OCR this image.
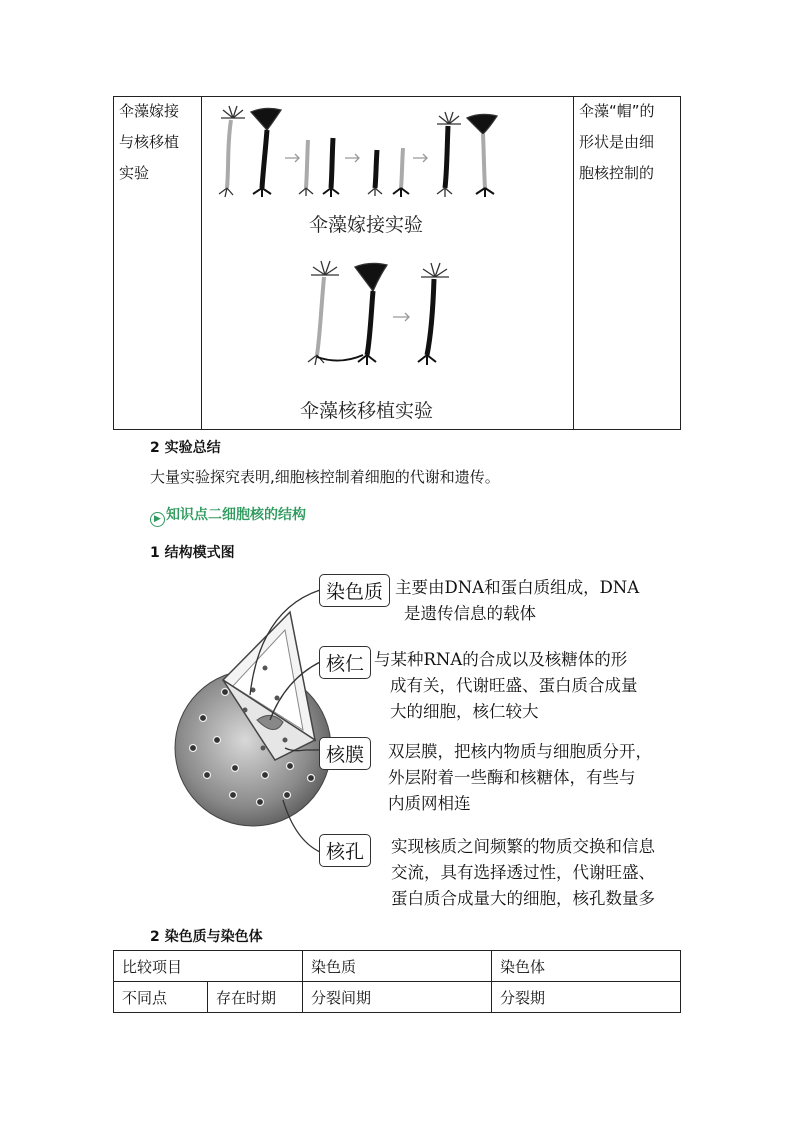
伞藻嫁接
与核移植
实验
伞藻“帽”的
形状是由细
胞核控制的
伞藻嫁接实验
伞藻核移植实验
2 实验总结
大量实验探究表明,细胞核控制着细胞的代谢和遗传。
▶ 知识点二细胞核的结构
1 结构模式图
染色质 主要由DNA和蛋白质组成，DNA
是遗传信息的载体
核仁 与某种RNA的合成以及核糖体的形
成有关，代谢旺盛、蛋白质合成量
大的细胞，核仁较大
核膜	双层膜，把核内物质与细胞质分开，
外层附着一些酶和核糖体，有些与
内质网相连
核孔	实现核质之间频繁的物质交换和信息
交流，具有选择透过性，代谢旺盛、
蛋白质合成量大的细胞，核孔数量多
2 染色质与染色体
比较项目		染色质	染色体
不同点	存在时期	分裂间期	分裂期
